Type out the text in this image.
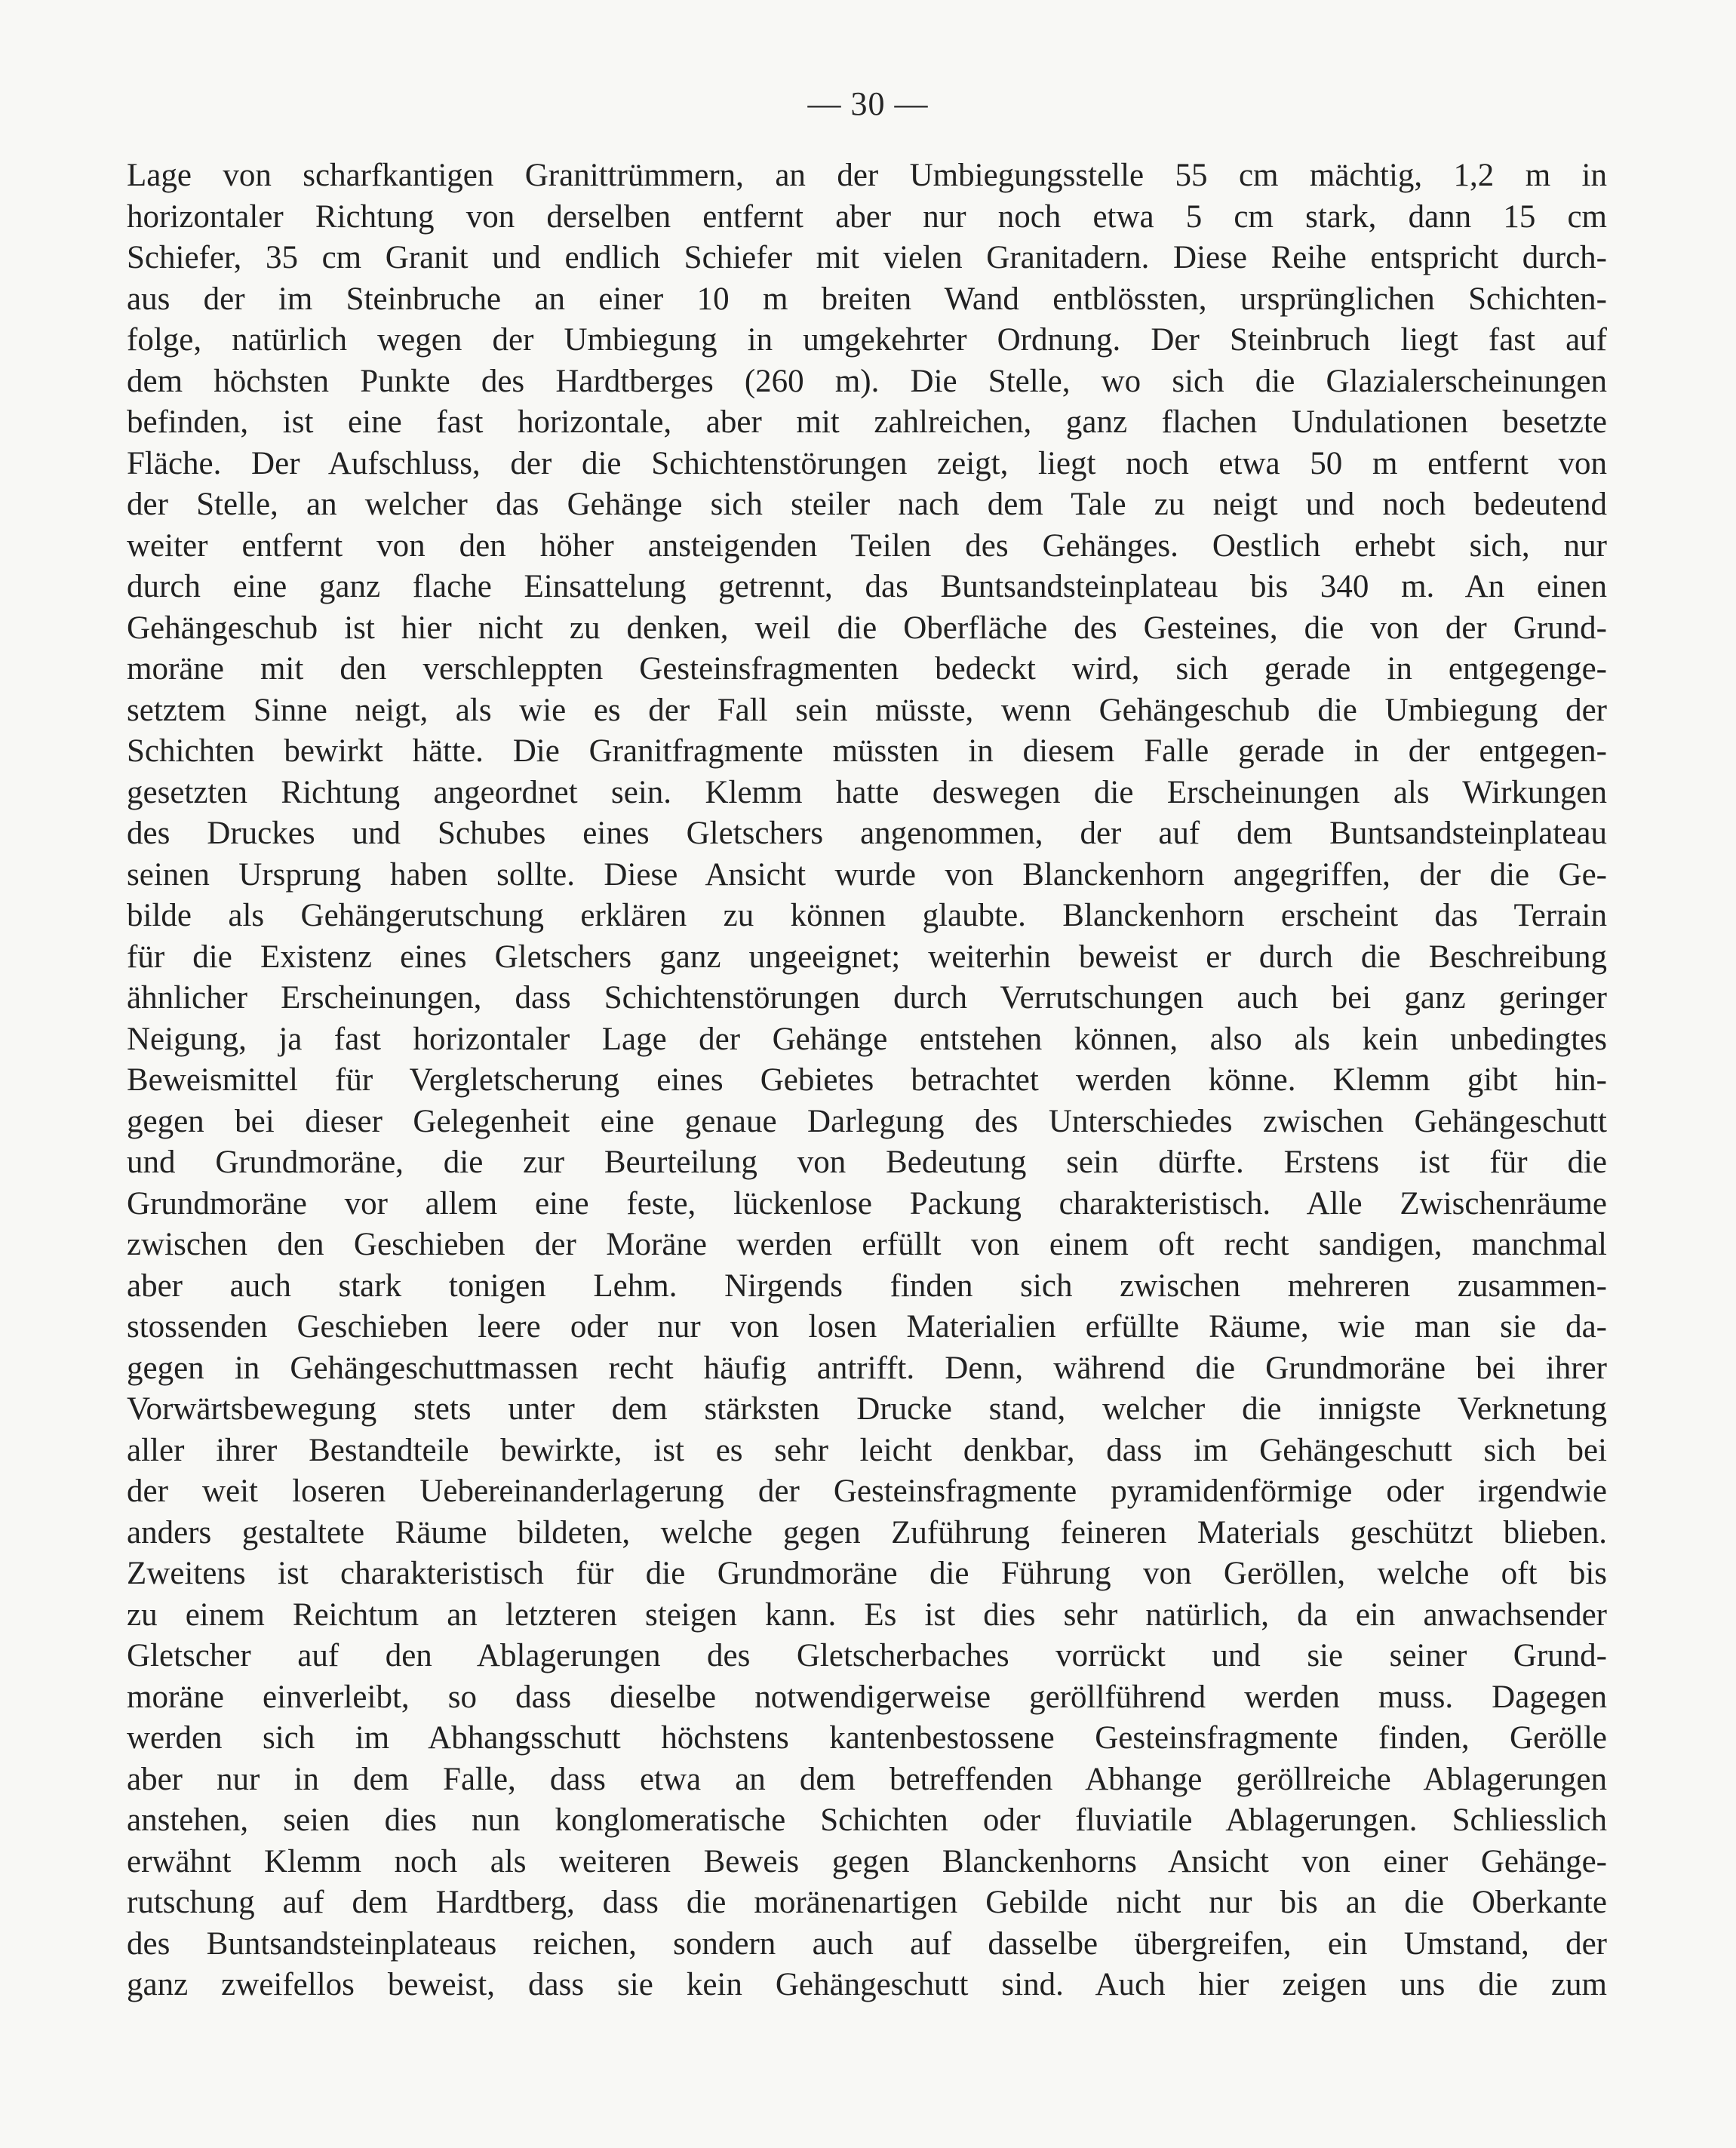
— 30 —
Lage von scharfkantigen Granittrümmern, an der Umbiegungsstelle 55 cm mächtig, 1,2 m in
horizontaler Richtung von derselben entfernt aber nur noch etwa 5 cm stark, dann 15 cm
Schiefer, 35 cm Granit und endlich Schiefer mit vielen Granitadern. Diese Reihe entspricht durch-
aus der im Steinbruche an einer 10 m breiten Wand entblössten, ursprünglichen Schichten-
folge, natürlich wegen der Umbiegung in umgekehrter Ordnung. Der Steinbruch liegt fast auf
dem höchsten Punkte des Hardtberges (260 m). Die Stelle, wo sich die Glazialerscheinungen
befinden, ist eine fast horizontale, aber mit zahlreichen, ganz flachen Undulationen besetzte
Fläche. Der Aufschluss, der die Schichtenstörungen zeigt, liegt noch etwa 50 m entfernt von
der Stelle, an welcher das Gehänge sich steiler nach dem Tale zu neigt und noch bedeutend
weiter entfernt von den höher ansteigenden Teilen des Gehänges. Oestlich erhebt sich, nur
durch eine ganz flache Einsattelung getrennt, das Buntsandsteinplateau bis 340 m. An einen
Gehängeschub ist hier nicht zu denken, weil die Oberfläche des Gesteines, die von der Grund-
moräne mit den verschleppten Gesteinsfragmenten bedeckt wird, sich gerade in entgegenge-
setztem Sinne neigt, als wie es der Fall sein müsste, wenn Gehängeschub die Umbiegung der
Schichten bewirkt hätte. Die Granitfragmente müssten in diesem Falle gerade in der entgegen-
gesetzten Richtung angeordnet sein. Klemm hatte deswegen die Erscheinungen als Wirkungen
des Druckes und Schubes eines Gletschers angenommen, der auf dem Buntsandsteinplateau
seinen Ursprung haben sollte. Diese Ansicht wurde von Blanckenhorn angegriffen, der die Ge-
bilde als Gehängerutschung erklären zu können glaubte. Blanckenhorn erscheint das Terrain
für die Existenz eines Gletschers ganz ungeeignet; weiterhin beweist er durch die Beschreibung
ähnlicher Erscheinungen, dass Schichtenstörungen durch Verrutschungen auch bei ganz geringer
Neigung, ja fast horizontaler Lage der Gehänge entstehen können, also als kein unbedingtes
Beweismittel für Vergletscherung eines Gebietes betrachtet werden könne. Klemm gibt hin-
gegen bei dieser Gelegenheit eine genaue Darlegung des Unterschiedes zwischen Gehängeschutt
und Grundmoräne, die zur Beurteilung von Bedeutung sein dürfte. Erstens ist für die
Grundmoräne vor allem eine feste, lückenlose Packung charakteristisch. Alle Zwischenräume
zwischen den Geschieben der Moräne werden erfüllt von einem oft recht sandigen, manchmal
aber auch stark tonigen Lehm. Nirgends finden sich zwischen mehreren zusammen-
stossenden Geschieben leere oder nur von losen Materialien erfüllte Räume, wie man sie da-
gegen in Gehängeschuttmassen recht häufig antrifft. Denn, während die Grundmoräne bei ihrer
Vorwärtsbewegung stets unter dem stärksten Drucke stand, welcher die innigste Verknetung
aller ihrer Bestandteile bewirkte, ist es sehr leicht denkbar, dass im Gehängeschutt sich bei
der weit loseren Uebereinanderlagerung der Gesteinsfragmente pyramidenförmige oder irgendwie
anders gestaltete Räume bildeten, welche gegen Zuführung feineren Materials geschützt blieben.
Zweitens ist charakteristisch für die Grundmoräne die Führung von Geröllen, welche oft bis
zu einem Reichtum an letzteren steigen kann. Es ist dies sehr natürlich, da ein anwachsender
Gletscher auf den Ablagerungen des Gletscherbaches vorrückt und sie seiner Grund-
moräne einverleibt, so dass dieselbe notwendigerweise geröllführend werden muss. Dagegen
werden sich im Abhangsschutt höchstens kantenbestossene Gesteinsfragmente finden, Gerölle
aber nur in dem Falle, dass etwa an dem betreffenden Abhange geröllreiche Ablagerungen
anstehen, seien dies nun konglomeratische Schichten oder fluviatile Ablagerungen. Schliesslich
erwähnt Klemm noch als weiteren Beweis gegen Blanckenhorns Ansicht von einer Gehänge-
rutschung auf dem Hardtberg, dass die moränenartigen Gebilde nicht nur bis an die Oberkante
des Buntsandsteinplateaus reichen, sondern auch auf dasselbe übergreifen, ein Umstand, der
ganz zweifellos beweist, dass sie kein Gehängeschutt sind. Auch hier zeigen uns die zum
